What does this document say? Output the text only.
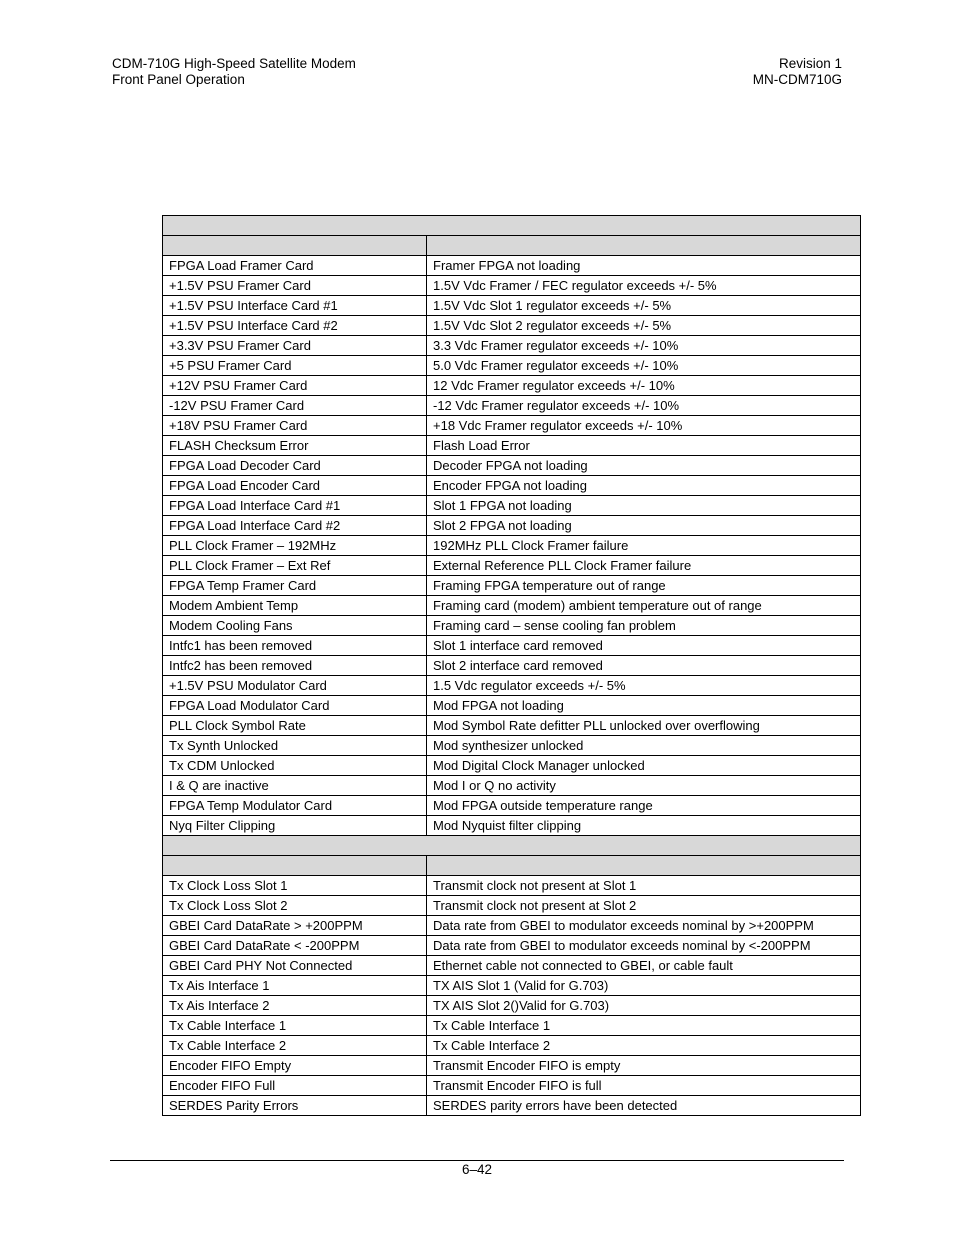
CDM-710G High-Speed Satellite Modem
Front Panel Operation
Revision 1
MN-CDM710G

FPGA Load Framer Card	Framer FPGA not loading
+1.5V PSU Framer Card	1.5V Vdc Framer / FEC regulator exceeds +/- 5%
+1.5V PSU Interface Card #1	1.5V Vdc Slot 1 regulator exceeds +/- 5%
+1.5V PSU Interface Card #2	1.5V Vdc Slot 2 regulator exceeds +/- 5%
+3.3V PSU Framer Card	3.3 Vdc Framer regulator exceeds +/- 10%
+5 PSU Framer Card	5.0 Vdc Framer regulator exceeds +/- 10%
+12V PSU Framer Card	12 Vdc Framer regulator exceeds +/- 10%
-12V PSU Framer Card	-12 Vdc Framer regulator exceeds +/- 10%
+18V PSU Framer Card	+18 Vdc Framer regulator exceeds +/- 10%
FLASH Checksum Error	Flash Load Error
FPGA Load Decoder Card	Decoder FPGA not loading
FPGA Load Encoder Card	Encoder FPGA not loading
FPGA Load Interface Card #1	Slot 1 FPGA not loading
FPGA Load Interface Card #2	Slot 2 FPGA not loading
PLL Clock Framer – 192MHz	192MHz PLL Clock Framer failure
PLL Clock Framer – Ext Ref	External Reference PLL Clock Framer failure
FPGA Temp Framer Card	Framing FPGA temperature out of range
Modem Ambient Temp	Framing card (modem) ambient temperature out of range
Modem Cooling Fans	Framing card – sense cooling fan problem
Intfc1 has been removed	Slot 1 interface card removed
Intfc2 has been removed	Slot 2 interface card removed
+1.5V PSU Modulator Card	1.5 Vdc regulator exceeds +/- 5%
FPGA Load Modulator Card	Mod FPGA not loading
PLL Clock Symbol Rate	Mod Symbol Rate defitter PLL unlocked over overflowing
Tx Synth Unlocked	Mod synthesizer unlocked
Tx CDM Unlocked	Mod Digital Clock Manager unlocked
I & Q are inactive	Mod I or Q no activity
FPGA Temp Modulator Card	Mod FPGA outside temperature range
Nyq Filter Clipping	Mod Nyquist filter clipping

Tx Clock Loss Slot 1	Transmit clock not present at Slot 1
Tx Clock Loss Slot 2	Transmit clock not present at Slot 2
GBEI Card DataRate > +200PPM	Data rate from GBEI to modulator exceeds nominal by >+200PPM
GBEI Card DataRate < -200PPM	Data rate from GBEI to modulator exceeds nominal by <-200PPM
GBEI Card PHY Not Connected	Ethernet cable not connected to GBEI, or cable fault
Tx Ais Interface 1	TX AIS Slot 1 (Valid for G.703)
Tx Ais Interface 2	TX AIS Slot 2()Valid for G.703)
Tx Cable Interface 1	Tx Cable Interface 1
Tx Cable Interface 2	Tx Cable Interface 2
Encoder FIFO Empty	Transmit Encoder FIFO is empty
Encoder FIFO Full	Transmit Encoder FIFO is full
SERDES Parity Errors	SERDES parity errors have been detected
6–42
